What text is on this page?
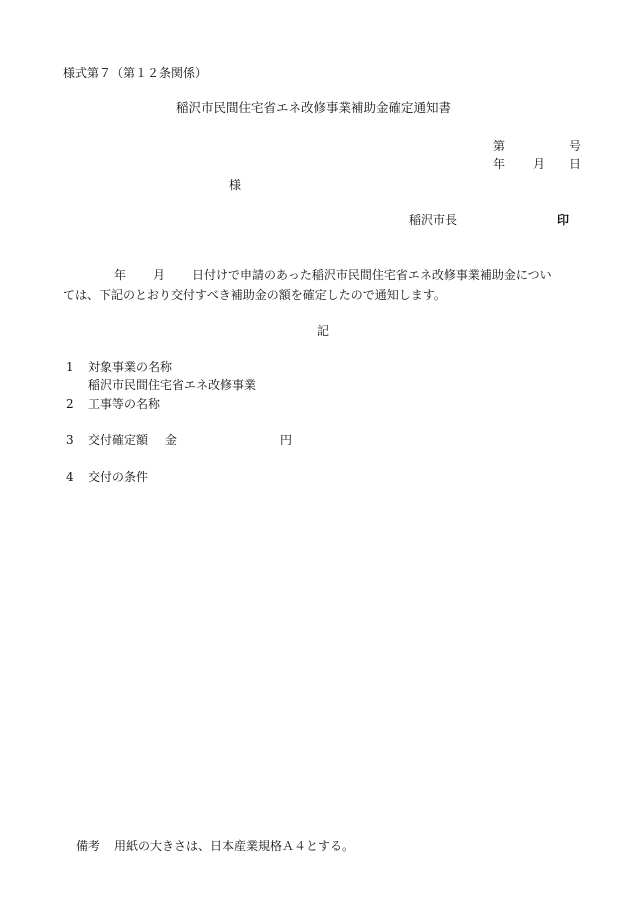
様式第７（第１２条関係）
稲沢市民間住宅省エネ改修事業補助金確定通知書
第	号
年 月 日
様
稲沢市長	印
年 月 日付けで申請のあった稲沢市民間住宅省エネ改修事業補助金につい
ては、下記のとおり交付すべき補助金の額を確定したので通知します。
記
1 対象事業の名称
稲沢市民間住宅省エネ改修事業
2 工事等の名称
3 交付確定額 金	円
4 交付の条件
備考 用紙の大きさは、日本産業規格Ａ４とする。
